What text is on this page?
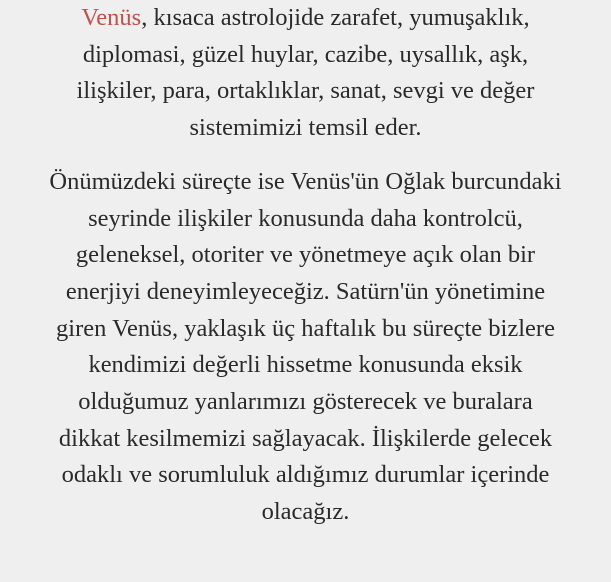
Venüs, kısaca astrolojide zarafet, yumuşaklık,
diplomasi, güzel huylar, cazibe, uysallık, aşk,
ilişkiler, para, ortaklıklar, sanat, sevgi ve değer
sistemimizi temsil eder.

Önümüzdeki süreçte ise Venüs'ün Oğlak burcundaki
seyrinde ilişkiler konusunda daha kontrolcü,
geleneksel, otoriter ve yönetmeye açık olan bir
enerjiyi deneyimleyeceğiz. Satürn'ün yönetimine
giren Venüs, yaklaşık üç haftalık bu süreçte bizlere
kendimizi değerli hissetme konusunda eksik
olduğumuz yanlarımızı gösterecek ve buralara
dikkat kesilmemizi sağlayacak. İlişkilerde gelecek
odaklı ve sorumluluk aldığımız durumlar içerinde
olacağız.
